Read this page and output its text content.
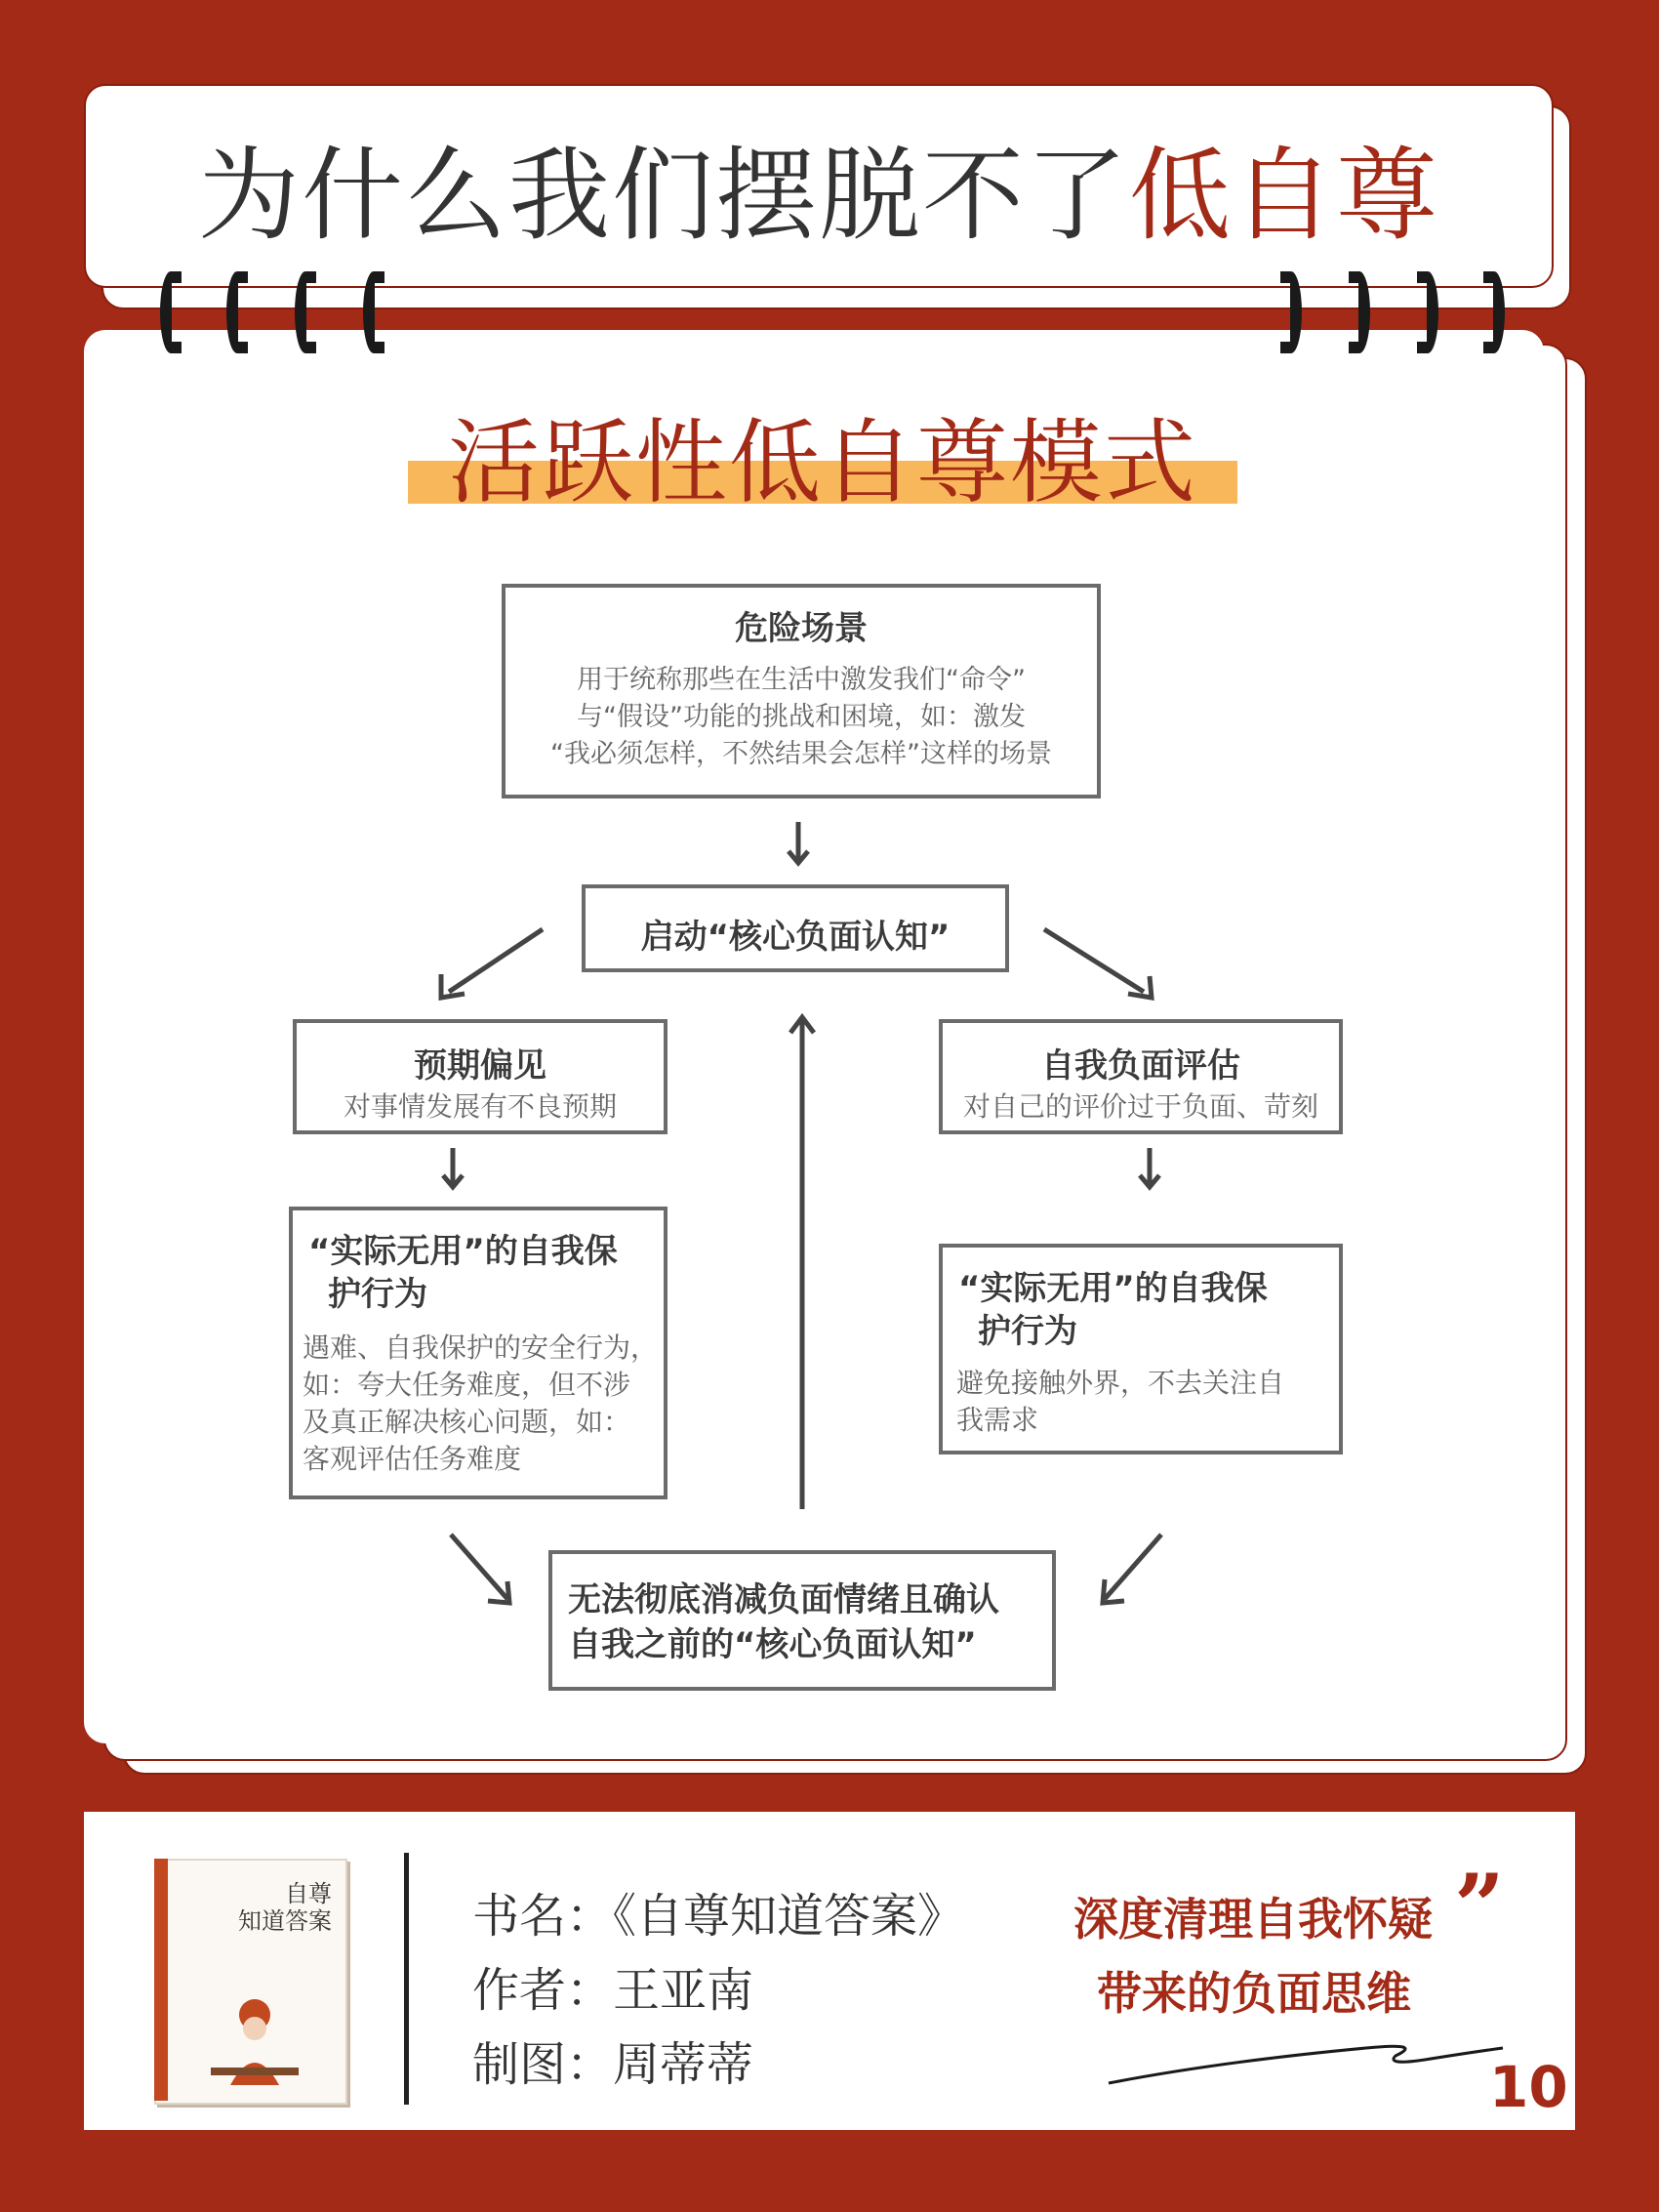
为什么我们摆脱不了低自尊
活跃性低自尊模式
危险场景
用于统称那些在生活中激发我们“命令”
与“假设”功能的挑战和困境，如：激发
“我必须怎样，不然结果会怎样”这样的场景
启动“核心负面认知”
预期偏见
对事情发展有不良预期
自我负面评估
对自己的评价过于负面、苛刻
“实际无用”的自我保
护行为
遇难、自我保护的安全行为，
如：夸大任务难度，但不涉
及真正解决核心问题，如：
客观评估任务难度
“实际无用”的自我保
护行为
避免接触外界，不去关注自
我需求
无法彻底消减负面情绪且确认
自我之前的“核心负面认知”
自尊
知道答案	书名：《自尊知道答案》
作者：王亚南
制图：周蒂蒂
深度清理自我怀疑
带来的负面思维
”
10
